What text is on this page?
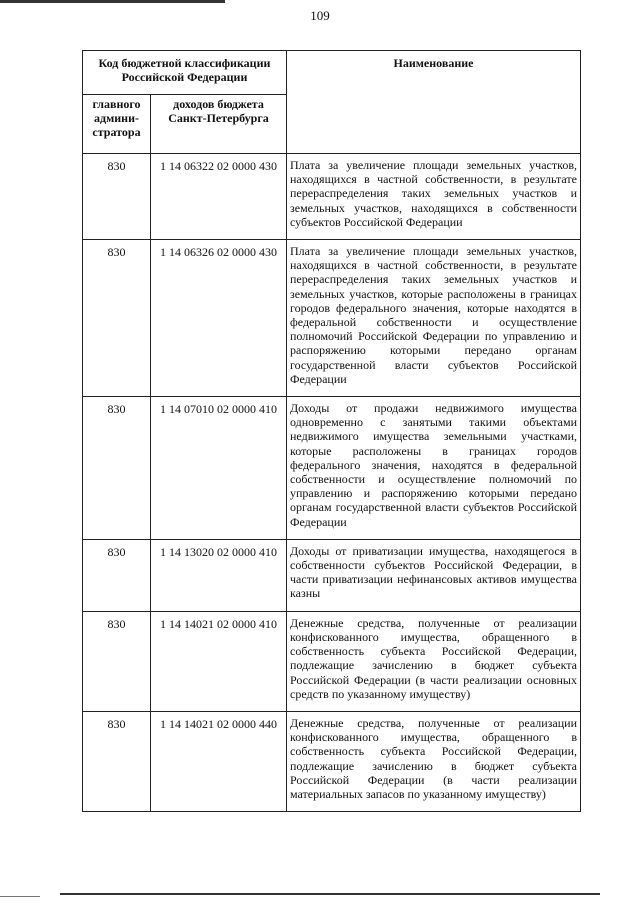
109
Код бюджетной классификации Российской Федерации		Наименование
главного админи-стратора	доходов бюджета Санкт-Петербурга	
830	1 14 06322 02 0000 430	Плата за увеличение площади земельных участков, находящихся в частной собственности, в результате перераспределения таких земельных участков и земельных участков, находящихся в собственности субъектов Российской Федерации
830	1 14 06326 02 0000 430	Плата за увеличение площади земельных участков, находящихся в частной собственности, в результате перераспределения таких земельных участков и земельных участков, которые расположены в границах городов федерального значения, которые находятся в федеральной собственности и осуществление полномочий Российской Федерации по управлению и распоряжению которыми передано органам государственной власти субъектов Российской Федерации
830	1 14 07010 02 0000 410	Доходы от продажи недвижимого имущества одновременно с занятыми такими объектами недвижимого имущества земельными участками, которые расположены в границах городов федерального значения, находятся в федеральной собственности и осуществление полномочий по управлению и распоряжению которыми передано органам государственной власти субъектов Российской Федерации
830	1 14 13020 02 0000 410	Доходы от приватизации имущества, находящегося в собственности субъектов Российской Федерации, в части приватизации нефинансовых активов имущества казны
830	1 14 14021 02 0000 410	Денежные средства, полученные от реализации конфискованного имущества, обращенного в собственность субъекта Российской Федерации, подлежащие зачислению в бюджет субъекта Российской Федерации (в части реализации основных средств по указанному имуществу)
830	1 14 14021 02 0000 440	Денежные средства, полученные от реализации конфискованного имущества, обращенного в собственность субъекта Российской Федерации, подлежащие зачислению в бюджет субъекта Российской Федерации (в части реализации материальных запасов по указанному имуществу)
